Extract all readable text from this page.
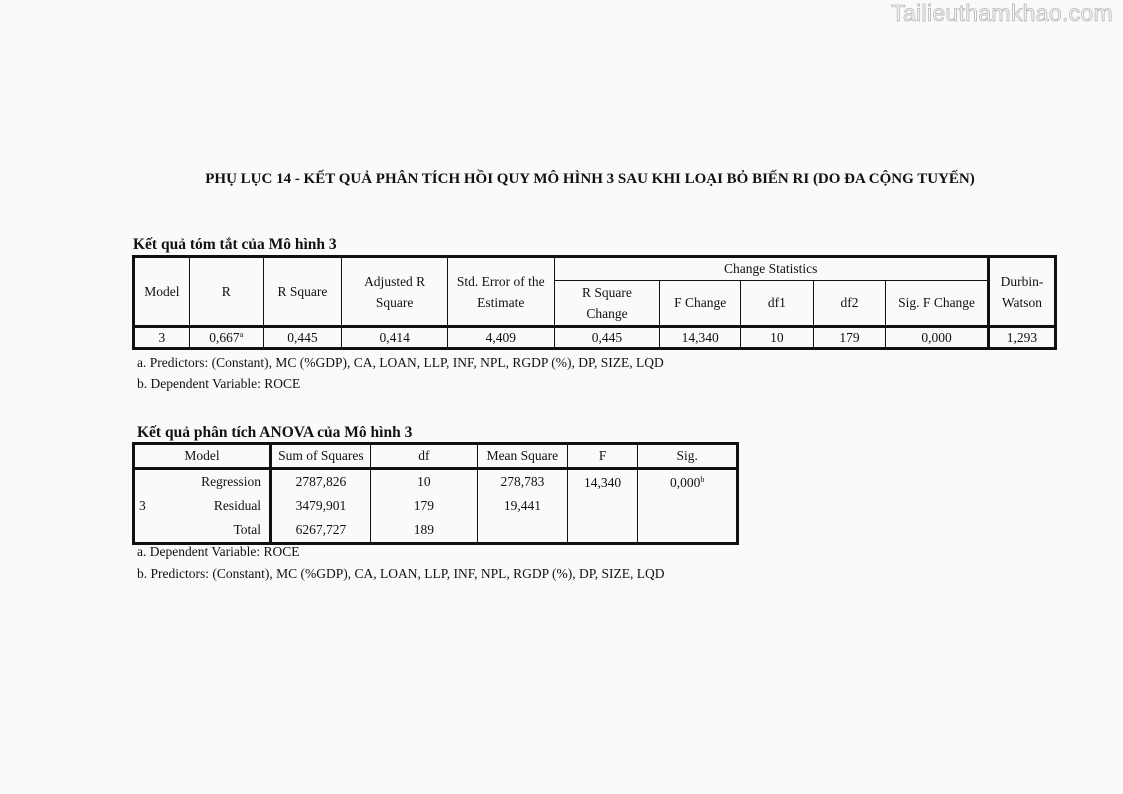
Tailieuthamkhao.com
PHỤ LỤC 14 - KẾT QUẢ PHÂN TÍCH HỒI QUY MÔ HÌNH 3 SAU KHI LOẠI BỎ BIẾN RI (DO ĐA CỘNG TUYẾN)
Kết quả tóm tắt của Mô hình 3
Model	R	R Square	Adjusted R Square	Std. Error of the Estimate	Change Statistics					Durbin-Watson
					R Square Change	F Change	df1	df2	Sig. F Change	
3	0,667$^a$	0,445	0,414	4,409	0,445	14,340	10	179	0,000	1,293
a. Predictors: (Constant), MC (%GDP), CA, LOAN, LLP, INF, NPL, RGDP (%), DP, SIZE, LQD
b. Dependent Variable: ROCE
Kết quả phân tích ANOVA của Mô hình 3
Model		Sum of Squares	df	Mean Square	F	Sig.
3	Regression	2787,826	10	278,783	14,340	0,000$^b$
	Residual	3479,901	179	19,441		
	Total	6267,727	189			
a. Dependent Variable: ROCE
b. Predictors: (Constant), MC (%GDP), CA, LOAN, LLP, INF, NPL, RGDP (%), DP, SIZE, LQD
